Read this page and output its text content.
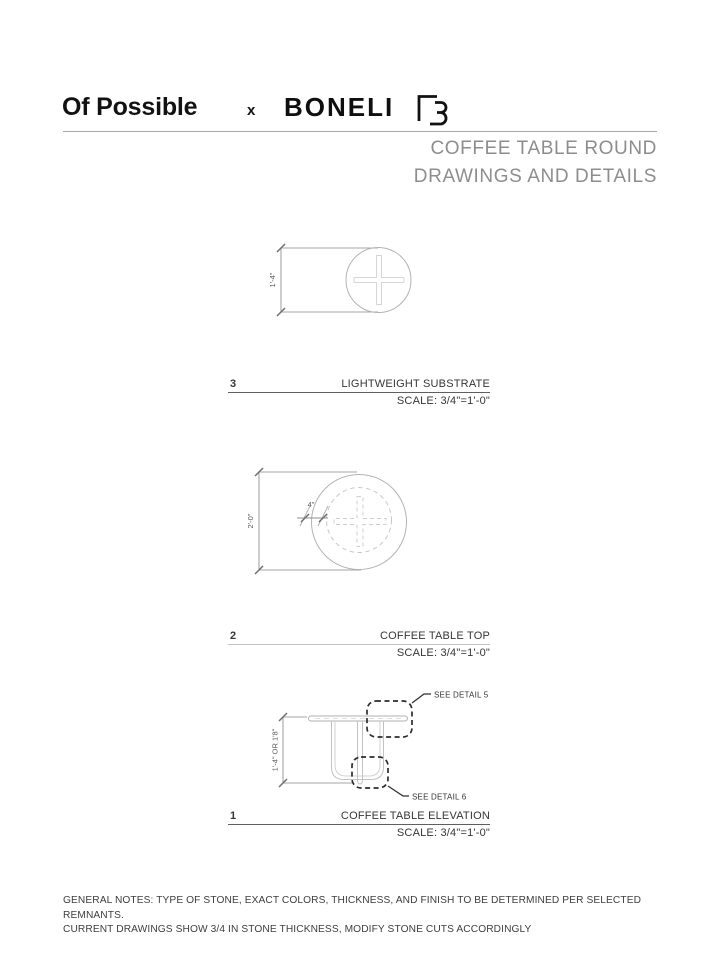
Of Possible	x BONELI
COFFEE TABLE ROUND
DRAWINGS AND DETAILS
1'-4"
4"
2'-0"
SEE DETAIL 5
SEE DETAIL 6
1'-4" OR 1'8"
3	LIGHTWEIGHT SUBSTRATE
SCALE: 3/4"=1'-0"
2	COFFEE TABLE TOP
SCALE: 3/4"=1'-0"
1	COFFEE TABLE ELEVATION
SCALE: 3/4"=1'-0"
GENERAL NOTES: TYPE OF STONE, EXACT COLORS, THICKNESS, AND FINISH TO BE DETERMINED PER SELECTED REMNANTS.
CURRENT DRAWINGS SHOW 3/4 IN STONE THICKNESS, MODIFY STONE CUTS ACCORDINGLY
